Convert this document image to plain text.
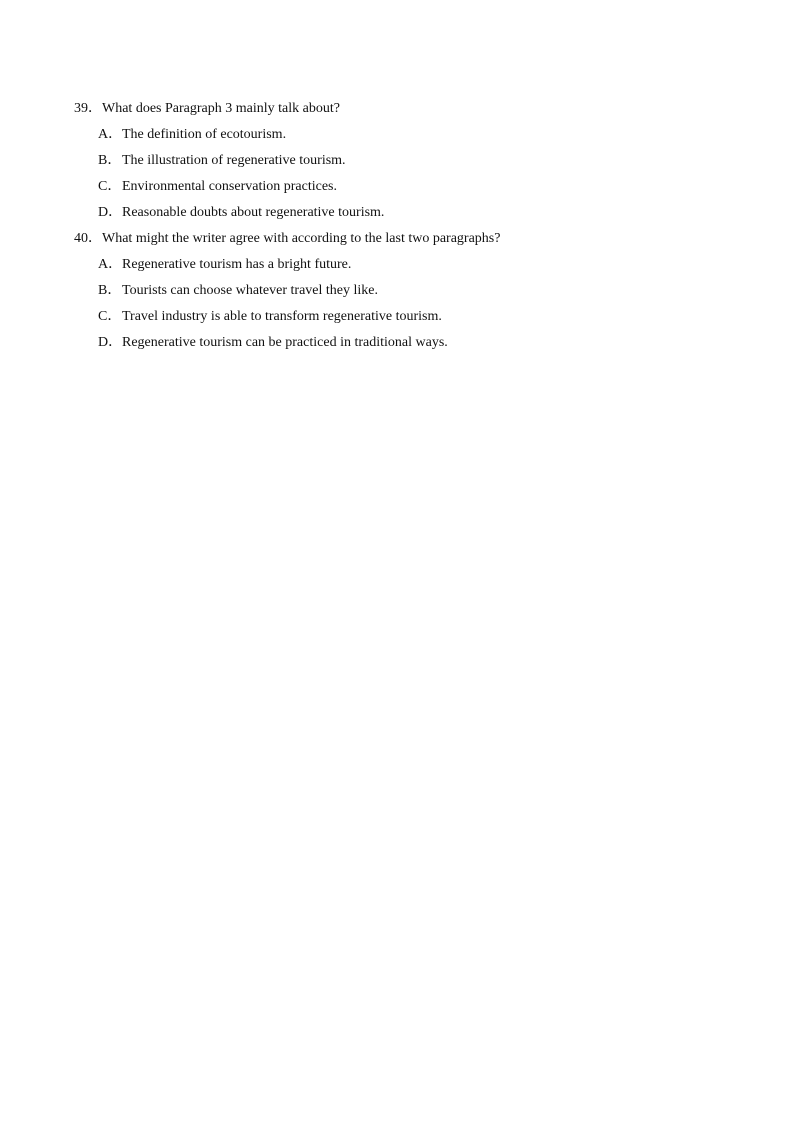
39．What does Paragraph 3 mainly talk about?
A．The definition of ecotourism.
B．The illustration of regenerative tourism.
C．Environmental conservation practices.
D．Reasonable doubts about regenerative tourism.
40．What might the writer agree with according to the last two paragraphs?
A．Regenerative tourism has a bright future.
B．Tourists can choose whatever travel they like.
C．Travel industry is able to transform regenerative tourism.
D．Regenerative tourism can be practiced in traditional ways.
